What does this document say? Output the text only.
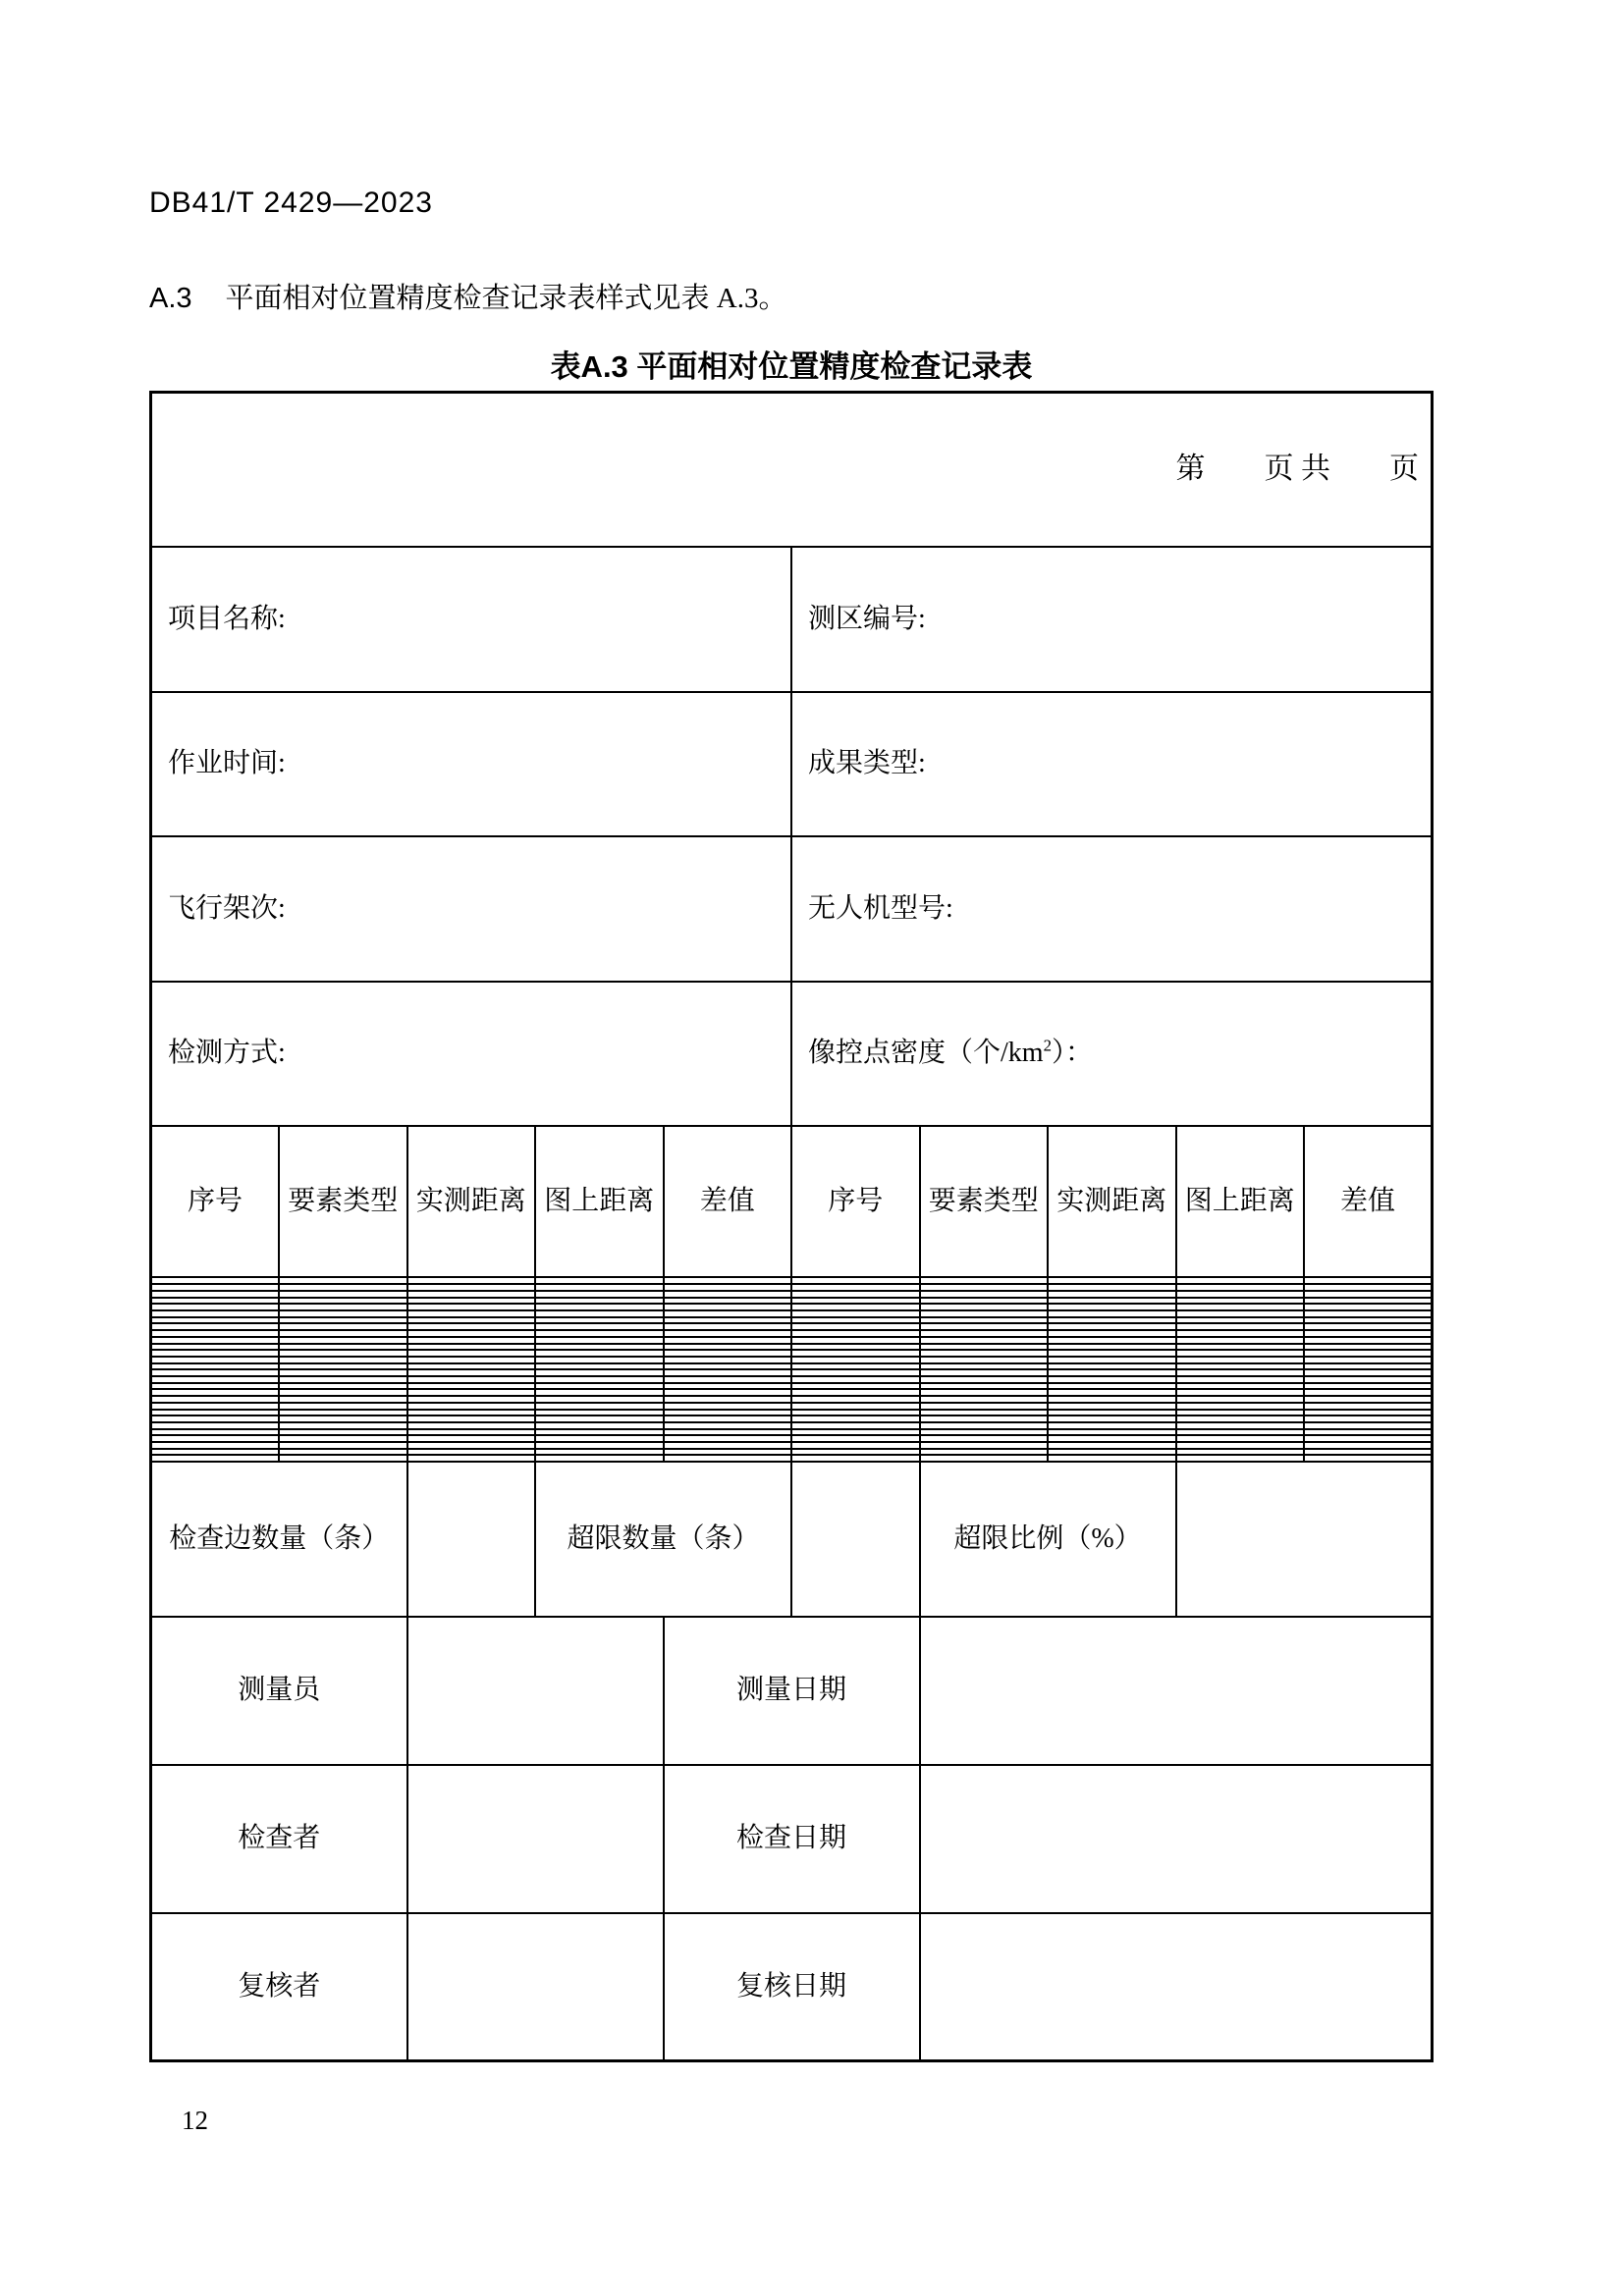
DB41/T 2429—2023
A.3 平面相对位置精度检查记录表样式见表 A.3。
表A.3 平面相对位置精度检查记录表
第　　页 共　　页									
项目名称:					测区编号:				
作业时间:					成果类型:				
飞行架次:					无人机型号:				
检测方式:					像控点密度（个$/km^2$）：				
序号	要素类型	实测距离	图上距离	差值	序号	要素类型	实测距离	图上距离	差值

检查边数量（条）			超限数量（条）			超限比例（%）			
测量员				测量日期					
检查者				检查日期					
复核者				复核日期					
12
